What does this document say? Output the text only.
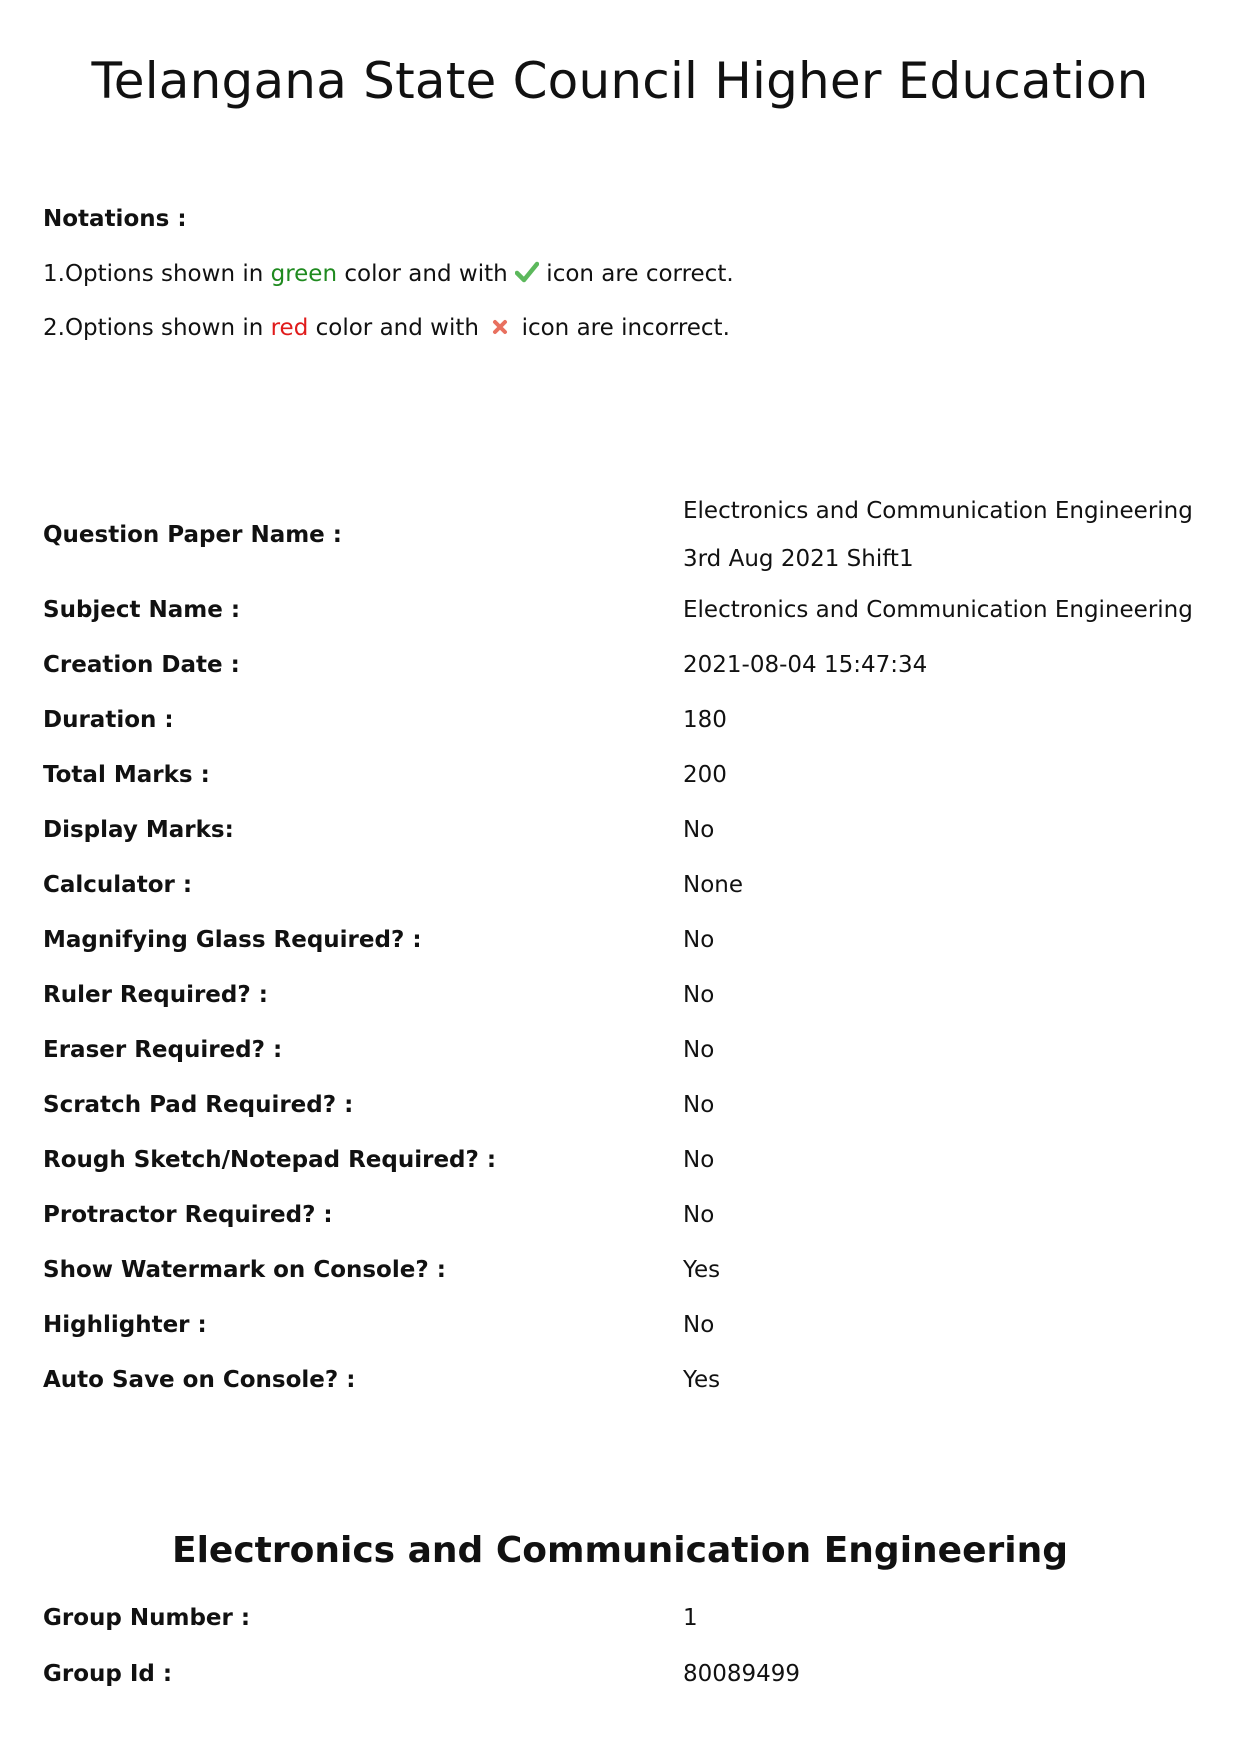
Telangana State Council Higher Education
Notations :
1.Options shown in green color and with  icon are correct.
2.Options shown in red color and with  icon are incorrect.
Question Paper Name :
Electronics and Communication Engineering
3rd Aug 2021 Shift1
Subject Name :	Electronics and Communication Engineering
Creation Date :	2021-08-04 15:47:34
Duration :	180
Total Marks :	200
Display Marks:	No
Calculator :	None
Magnifying Glass Required? :	No
Ruler Required? :	No
Eraser Required? :	No
Scratch Pad Required? :	No
Rough Sketch/Notepad Required? :	No
Protractor Required? :	No
Show Watermark on Console? :	Yes
Highlighter :	No
Auto Save on Console? :	Yes
Electronics and Communication Engineering
Group Number :	1
Group Id :	80089499
